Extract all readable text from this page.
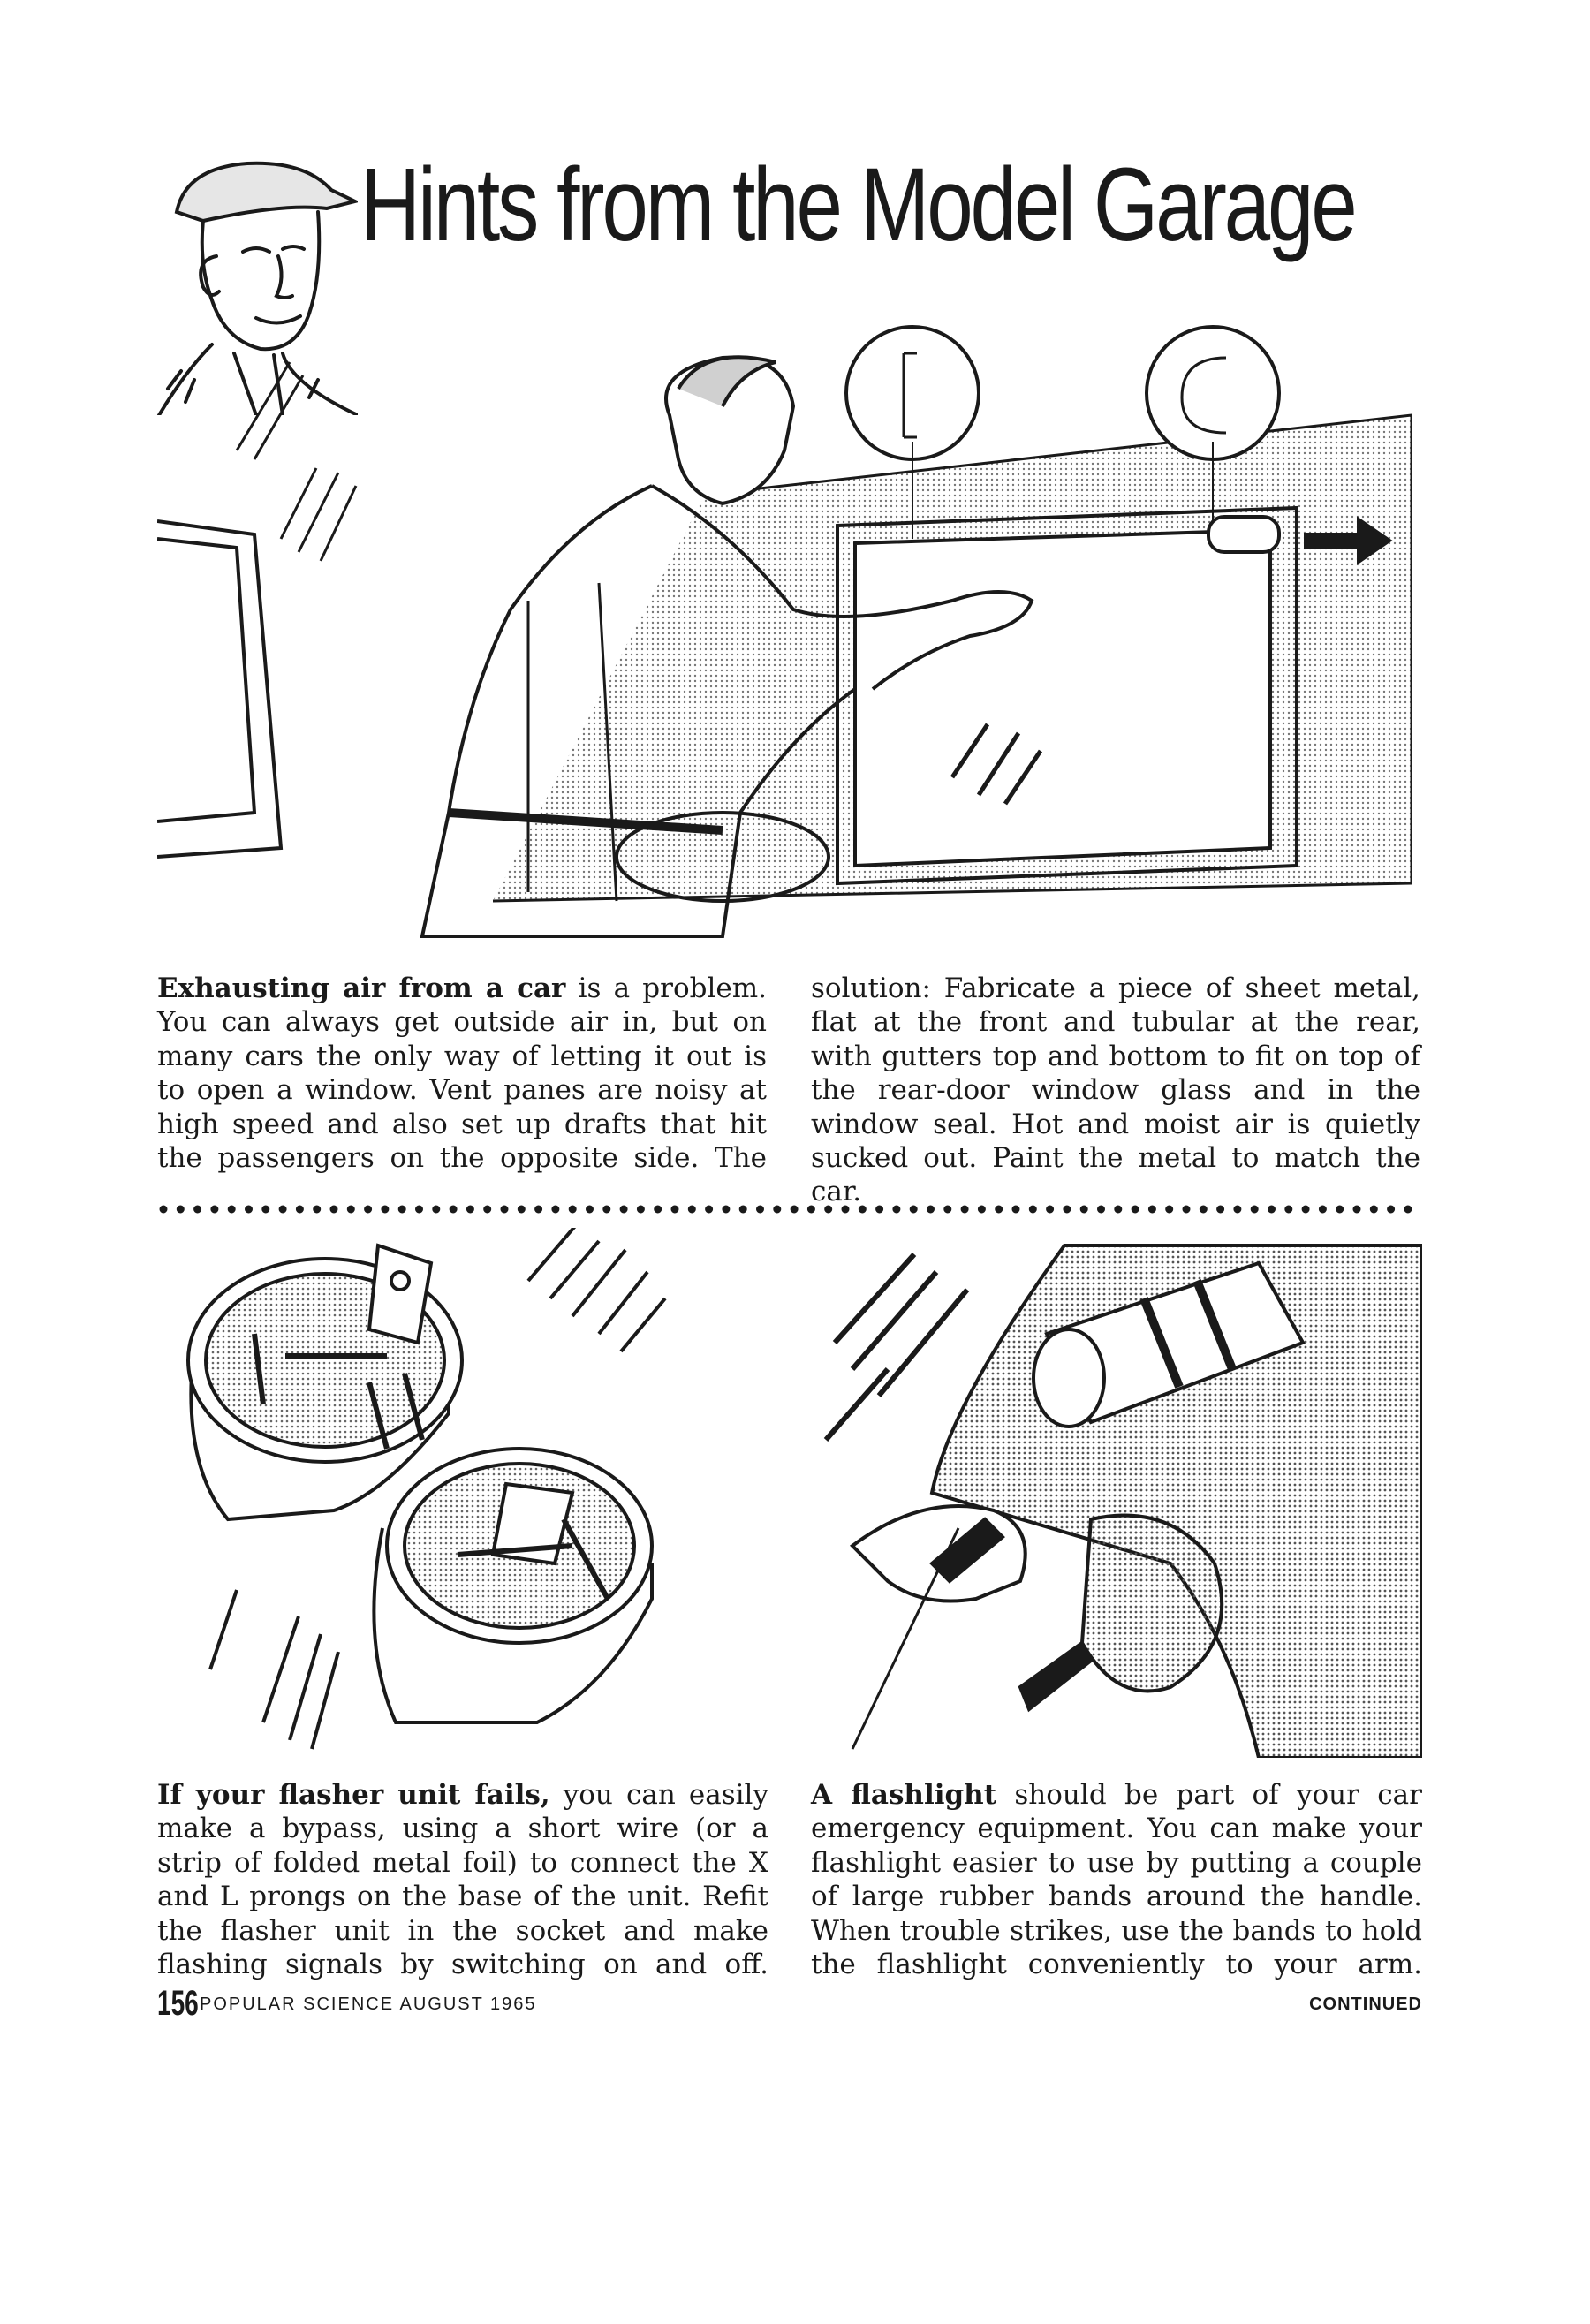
Hints from the Model Garage

Exhausting air from a car is a problem. You can always get outside air in, but on many cars the only way of letting it out is to open a window. Vent panes are noisy at high speed and also set up drafts that hit the passengers on the opposite side. The

solution: Fabricate a piece of sheet metal, flat at the front and tubular at the rear, with gutters top and bottom to fit on top of the rear-door window glass and in the window seal. Hot and moist air is quietly sucked out. Paint the metal to match the car.

If your flasher unit fails, you can easily make a bypass, using a short wire (or a strip of folded metal foil) to connect the X and L prongs on the base of the unit. Refit the flasher unit in the socket and make flashing signals by switching on and off.

A flashlight should be part of your car emergency equipment. You can make your flashlight easier to use by putting a couple of large rubber bands around the handle. When trouble strikes, use the bands to hold the flashlight conveniently to your arm.

156 POPULAR SCIENCE AUGUST 1965	CONTINUED
